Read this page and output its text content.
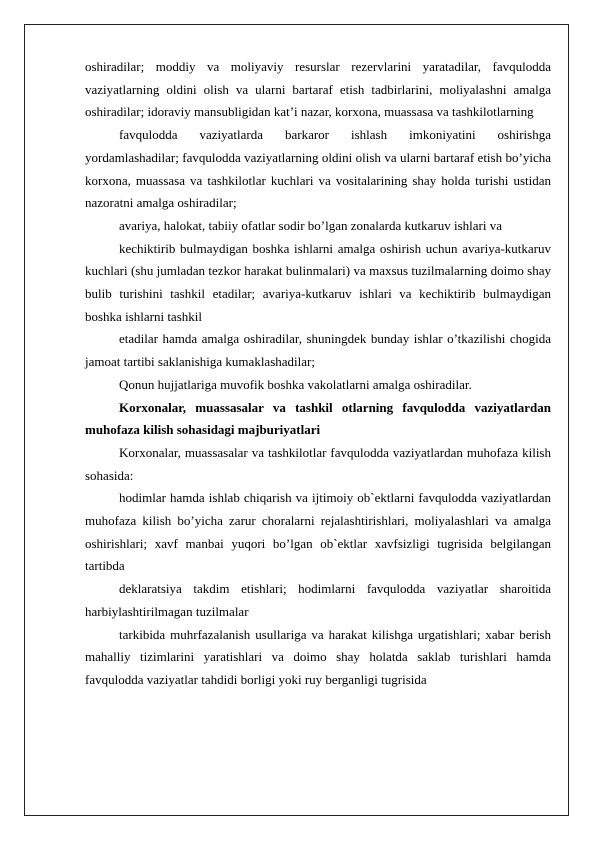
oshiradilar; moddiy va moliyaviy resurslar rezervlarini yaratadilar, favqulodda vaziyatlarning oldini olish va ularni bartaraf etish tadbirlarini, moliyalashni amalga oshiradilar; idoraviy mansubligidan kat’i nazar, korxona, muassasa va tashkilotlarning

favqulodda vaziyatlarda barkaror ishlash imkoniyatini oshirishga yordamlashadilar; favqulodda vaziyatlarning oldini olish va ularni bartaraf etish bo’yicha korxona, muassasa va tashkilotlar kuchlari va vositalarining shay holda turishi ustidan nazoratni amalga oshiradilar;

avariya, halokat, tabiiy ofatlar sodir bo’lgan zonalarda kutkaruv ishlari va

kechiktirib bulmaydigan boshka ishlarni amalga oshirish uchun avariya-kutkaruv kuchlari (shu jumladan tezkor harakat bulinmalari) va maxsus tuzilmalarning doimo shay bulib turishini tashkil etadilar; avariya-kutkaruv ishlari va kechiktirib bulmaydigan boshka ishlarni tashkil

etadilar hamda amalga oshiradilar, shuningdek bunday ishlar o’tkazilishi chogida jamoat tartibi saklanishiga kumaklashadilar;

Qonun hujjatlariga muvofik boshka vakolatlarni amalga oshiradilar.

Korxonalar, muassasalar va tashkil otlarning favqulodda vaziyatlardan muhofaza kilish sohasidagi majburiyatlari

Korxonalar, muassasalar va tashkilotlar favqulodda vaziyatlardan muhofaza kilish sohasida:

hodimlar hamda ishlab chiqarish va ijtimoiy ob`ektlarni favqulodda vaziyatlardan muhofaza kilish bo’yicha zarur choralarni rejalashtirishlari, moliyalashlari va amalga oshirishlari; xavf manbai yuqori bo’lgan ob`ektlar xavfsizligi tugrisida belgilangan tartibda

deklaratsiya takdim etishlari; hodimlarni favqulodda vaziyatlar sharoitida harbiylashtirilmagan tuzilmalar

tarkibida muhrfazalanish usullariga va harakat kilishga urgatishlari; xabar berish mahalliy tizimlarini yaratishlari va doimo shay holatda saklab turishlari hamda favqulodda vaziyatlar tahdidi borligi yoki ruy berganligi tugrisida
